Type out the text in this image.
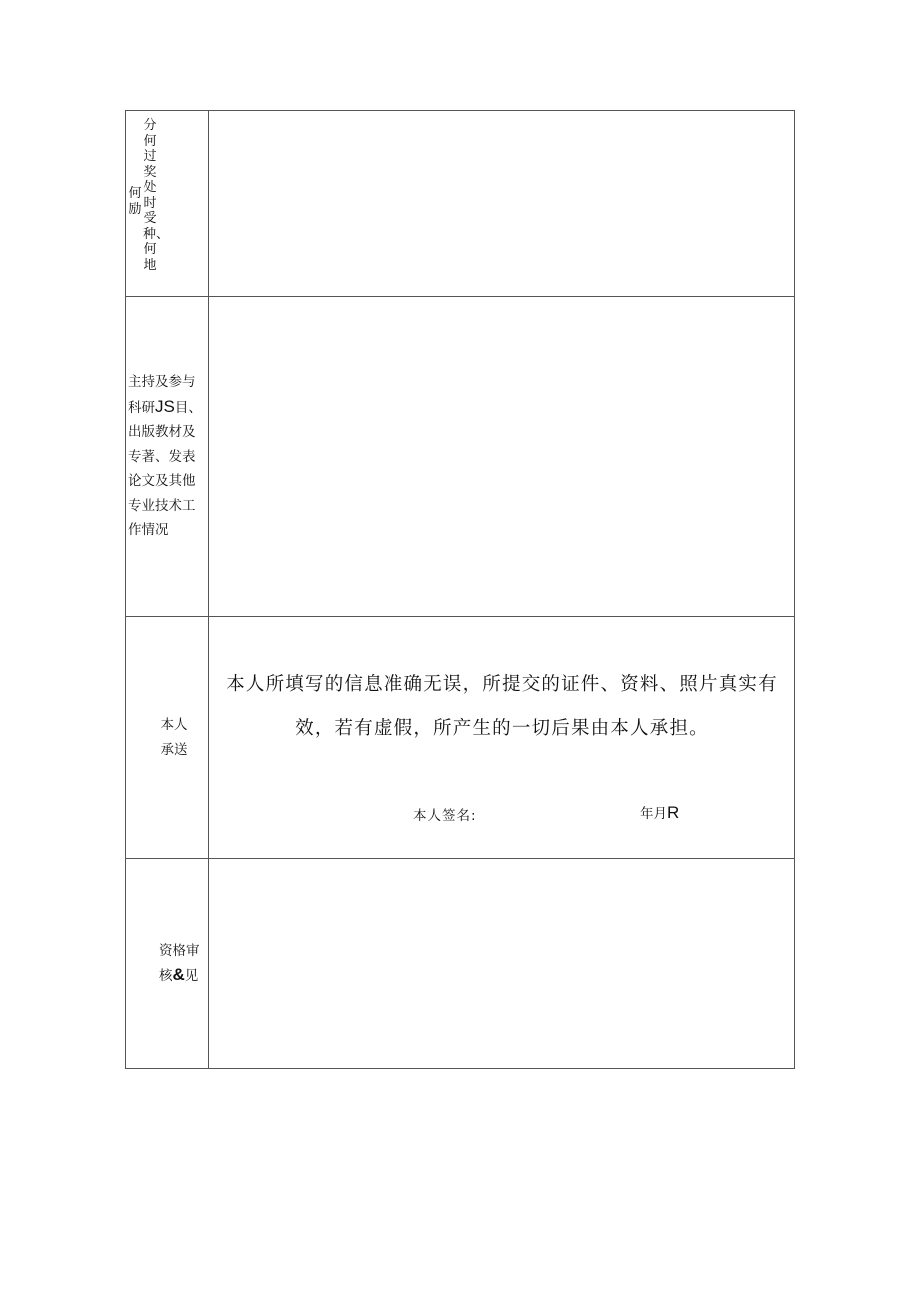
何励
分何过奖处时受种、何地	

主持及参与科研JS目、出版教材及专著、发表论文及其他专业技术工作情况	

本人承送	本人所填写的信息准确无误，所提交的证件、资料、照片真实有效，若有虚假，所产生的一切后果由本人承担。
本人签名: 年月R

资格审核&见	
